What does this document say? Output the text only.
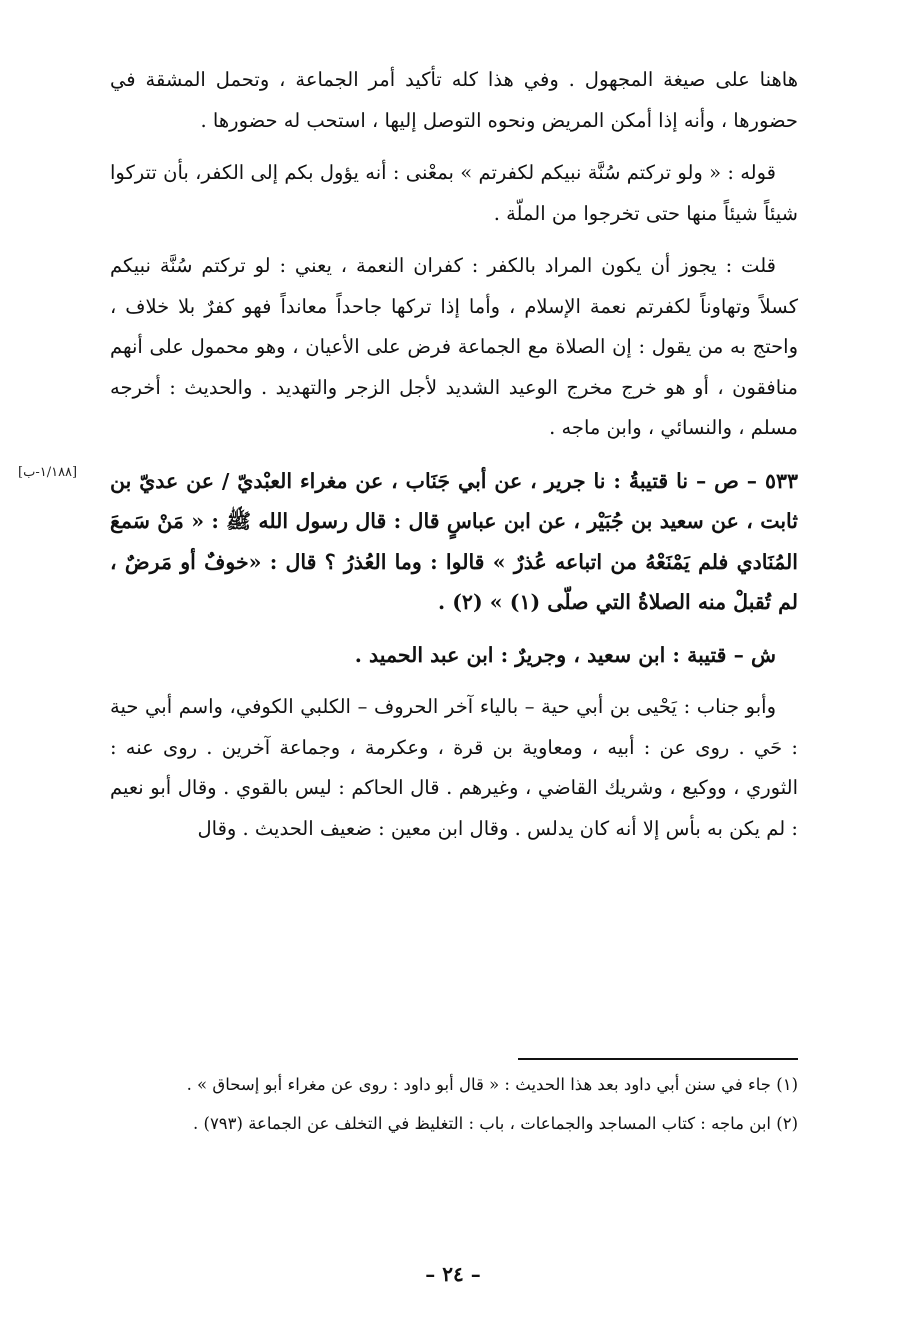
هاهنا على صيغة المجهول . وفي هذا كله تأكيد أمر الجماعة ، وتحمل المشقة في حضورها ، وأنه إذا أمكن المريض ونحوه التوصل إليها ، استحب له حضورها .

قوله : « ولو تركتم سُنَّة نبيكم لكفرتم » بمعْنى : أنه يؤول بكم إلى الكفر، بأن تتركوا شيئاً شيئاً منها حتى تخرجوا من الملّة .

قلت : يجوز أن يكون المراد بالكفر : كفران النعمة ، يعني : لو تركتم سُنَّة نبيكم كسلاً وتهاوناً لكفرتم نعمة الإسلام ، وأما إذا تركها جاحداً معانداً فهو كفرٌ بلا خلاف ، واحتج به من يقول : إن الصلاة مع الجماعة فرض على الأعيان ، وهو محمول على أنهم منافقون ، أو هو خرج مخرج الوعيد الشديد لأجل الزجر والتهديد . والحديث : أخرجه مسلم ، والنسائي ، وابن ماجه .

[١/١٨٨-ب] ٥٣٣ – ص – نا قتيبةُ : نا جرير ، عن أبي جَنَاب ، عن مغراء العبْديّ / عن عديّ بن ثابت ، عن سعيد بن جُبَيْر ، عن ابن عباسٍ قال : قال رسول الله ﷺ : « مَنْ سَمعَ المُنَادي فلم يَمْنَعْهُ من اتباعه عُذرٌ » قالوا : وما العُذرُ ؟ قال : «خوفٌ أو مَرضٌ ، لم تُقبلْ منه الصلاةُ التي صلّى (١) » (٢) .

ش – قتيبة : ابن سعيد ، وجريرٌ : ابن عبد الحميد .

وأبو جناب : يَحْيى بن أبي حية – بالياء آخر الحروف – الكلبي الكوفي، واسم أبي حية : حَي . روى عن : أبيه ، ومعاوية بن قرة ، وعكرمة ، وجماعة آخرين . روى عنه : الثوري ، ووكيع ، وشريك القاضي ، وغيرهم . قال الحاكم : ليس بالقوي . وقال أبو نعيم : لم يكن به بأس إلا أنه كان يدلس . وقال ابن معين : ضعيف الحديث . وقال

(١) جاء في سنن أبي داود بعد هذا الحديث : « قال أبو داود : روى عن مغراء أبو إسحاق » .

(٢) ابن ماجه : كتاب المساجد والجماعات ، باب : التغليظ في التخلف عن الجماعة (٧٩٣) .

– ٢٤ –
